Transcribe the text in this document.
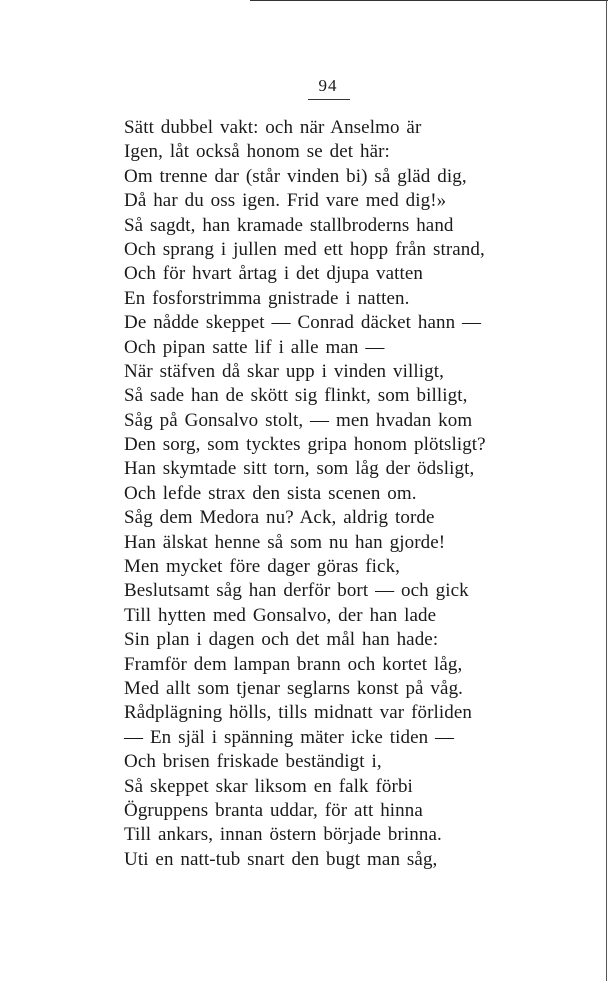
94
Sätt dubbel vakt: och när Anselmo är
Igen, låt också honom se det här:
Om trenne dar (står vinden bi) så gläd dig,
Då har du oss igen. Frid vare med dig!»
Så sagdt, han kramade stallbroderns hand
Och sprang i jullen med ett hopp från strand,
Och för hvart årtag i det djupa vatten
En fosforstrimma gnistrade i natten.
De nådde skeppet — Conrad däcket hann —
Och pipan satte lif i alle man —
När stäfven då skar upp i vinden villigt,
Så sade han de skött sig flinkt, som billigt,
Såg på Gonsalvo stolt, — men hvadan kom
Den sorg, som tycktes gripa honom plötsligt?
Han skymtade sitt torn, som låg der ödsligt,
Och lefde strax den sista scenen om.
Såg dem Medora nu? Ack, aldrig torde
Han älskat henne så som nu han gjorde!
Men mycket före dager göras fick,
Beslutsamt såg han derför bort — och gick
Till hytten med Gonsalvo, der han lade
Sin plan i dagen och det mål han hade:
Framför dem lampan brann och kortet låg,
Med allt som tjenar seglarns konst på våg.
Rådplägning hölls, tills midnatt var förliden
— En själ i spänning mäter icke tiden —
Och brisen friskade beständigt i,
Så skeppet skar liksom en falk förbi
Ögruppens branta uddar, för att hinna
Till ankars, innan östern började brinna.
Uti en natt-tub snart den bugt man såg,
